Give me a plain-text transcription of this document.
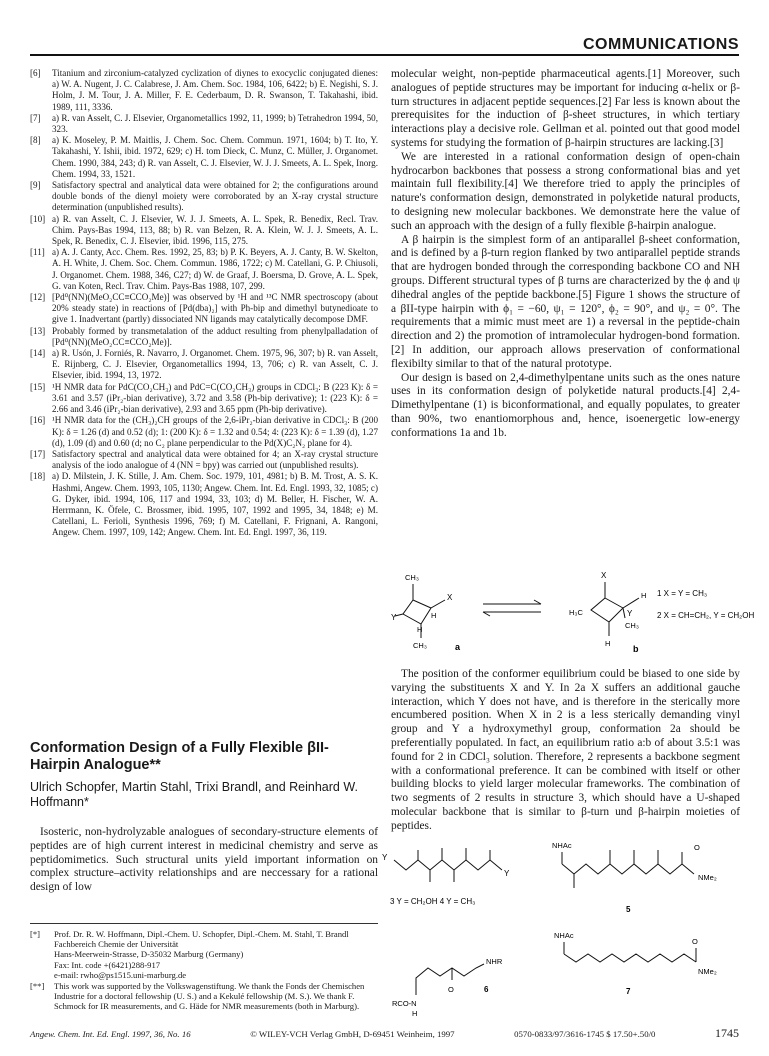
COMMUNICATIONS
[6]	Titanium and zirconium-catalyzed cyclization of diynes to exocyclic conjugated dienes: a) W. A. Nugent, J. C. Calabrese, J. Am. Chem. Soc. 1984, 106, 6422; b) E. Negishi, S. J. Holm, J. M. Tour, J. A. Miller, F. E. Cederbaum, D. R. Swanson, T. Takahashi, ibid. 1989, 111, 3336.
[7]	a) R. van Asselt, C. J. Elsevier, Organometallics 1992, 11, 1999; b) Tetrahedron 1994, 50, 323.
[8]	a) K. Moseley, P. M. Maitlis, J. Chem. Soc. Chem. Commun. 1971, 1604; b) T. Ito, Y. Takahashi, Y. Ishii, ibid. 1972, 629; c) H. tom Dieck, C. Munz, C. Müller, J. Organomet. Chem. 1990, 384, 243; d) R. van Asselt, C. J. Elsevier, W. J. J. Smeets, A. L. Spek, Inorg. Chem. 1994, 33, 1521.
[9]	Satisfactory spectral and analytical data were obtained for 2; the configurations around double bonds of the dienyl moiety were corroborated by an X-ray crystal structure determination (unpublished results).
[10] a) R. van Asselt, C. J. Elsevier, W. J. J. Smeets, A. L. Spek, R. Benedix, Recl. Trav. Chim. Pays-Bas 1994, 113, 88; b) R. van Belzen, R. A. Klein, W. J. J. Smeets, A. L. Spek, R. Benedix, C. J. Elsevier, ibid. 1996, 115, 275.
[11] a) A. J. Canty, Acc. Chem. Res. 1992, 25, 83; b) P. K. Beyers, A. J. Canty, B. W. Skelton, A. H. White, J. Chem. Soc. Chem. Commun. 1986, 1722; c) M. Catellani, G. P. Chiusoli, J. Organomet. Chem. 1988, 346, C27; d) W. de Graaf, J. Boersma, D. Grove, A. L. Spek, G. van Koten, Recl. Trav. Chim. Pays-Bas 1988, 107, 299.
[12] [Pd⁰(NN)(MeO₂CC≡CCO₂Me)] was observed by ¹H and ¹³C NMR spectroscopy (about 20% steady state) in reactions of [Pd(dba)₂] with Ph-bip and dimethyl butynedioate to give 1. Inadvertant (partly) dissociated NN ligands may catalytically decompose DMF.
[13] Probably formed by transmetalation of the adduct resulting from phenylpalladation of [Pd⁰(NN)(MeO₂CC≡CCO₂Me)].
[14] a) R. Usón, J. Forniés, R. Navarro, J. Organomet. Chem. 1975, 96, 307; b) R. van Asselt, E. Rijnberg, C. J. Elsevier, Organometallics 1994, 13, 706; c) R. van Asselt, C. J. Elsevier, ibid. 1994, 13, 1972.
[15] ¹H NMR data for PdC(CO₂CH₃) and PdC=C(CO₂CH₃) groups in CDCl₃: B (223 K): δ = 3.61 and 3.57 (iPr₂-bian derivative), 3.72 and 3.58 (Ph-bip derivative); 1: (223 K): δ = 2.66 and 3.46 (iPr₂-bian derivative), 2.93 and 3.65 ppm (Ph-bip derivative).
[16] ¹H NMR data for the (CH₃)₂CH groups of the 2,6-iPr₂-bian derivative in CDCl₃: B (200 K): δ = 1.26 (d) and 0.52 (d); 1: (200 K): δ = 1.32 and 0.54; 4: (223 K): δ = 1.39 (d), 1.27 (d), 1.09 (d) and 0.60 (d; no C₂ plane perpendicular to the Pd(X)C₂N₂ plane for 4).
[17] Satisfactory spectral and analytical data were obtained for 4; an X-ray crystal structure analysis of the iodo analogue of 4 (NN = bpy) was carried out (unpublished results).
[18] a) D. Milstein, J. K. Stille, J. Am. Chem. Soc. 1979, 101, 4981; b) B. M. Trost, A. S. K. Hashmi, Angew. Chem. 1993, 105, 1130; Angew. Chem. Int. Ed. Engl. 1993, 32, 1085; c) G. Dyker, ibid. 1994, 106, 117 and 1994, 33, 103; d) M. Beller, H. Fischer, W. A. Herrmann, K. Öfele, C. Brossmer, ibid. 1995, 107, 1992 and 1995, 34, 1848; e) M. Catellani, L. Ferioli, Synthesis 1996, 769; f) M. Catellani, F. Frignani, A. Rangoni, Angew. Chem. 1997, 109, 142; Angew. Chem. Int. Ed. Engl. 1997, 36, 119.
Conformation Design of a Fully Flexible βII-Hairpin Analogue**
Ulrich Schopfer, Martin Stahl, Trixi Brandl, and Reinhard W. Hoffmann*

Isosteric, non-hydrolyzable analogues of secondary-structure elements of peptides are of high current interest in medicinal chemistry and serve as peptidomimetics. Such structural units yield important information on complex structure–activity relationships and are neccessary for a rational design of low

[*]	Prof. Dr. R. W. Hoffmann, Dipl.-Chem. U. Schopfer, Dipl.-Chem. M. Stahl, T. Brandl
Fachbereich Chemie der Universität
Hans-Meerwein-Strasse, D-35032 Marburg (Germany)
Fax: Int. code +(6421)288-917
e-mail: rwho@ps1515.uni-marburg.de
[**]	This work was supported by the Volkswagenstiftung. We thank the Fonds der Chemischen Industrie for a doctoral fellowship (U. S.) and a Kekulé fellowship (M. S.). We thank F. Schmock for IR measurements, and G. Häde for NMR measurements (both in Marburg).

molecular weight, non-peptide pharmaceutical agents.[1] Moreover, such analogues of peptide structures may be important for inducing α-helix or β-turn structures in adjacent peptide sequences.[2] Far less is known about the prerequisites for the induction of β-sheet structures, in which tertiary interactions play a decisive role. Gellman et al. pointed out that good model systems for studying the formation of β-hairpin structures are lacking.[3]

We are interested in a rational conformation design of open-chain hydrocarbon backbones that possess a strong conformational bias and yet maintain full flexibility.[4] We therefore tried to apply the principles of nature's conformation design, demonstrated in polyketide natural products, to designing new molecular backbones. We demonstrate here the value of such an approach with the design of a fully flexible β-hairpin analogue.

A β hairpin is the simplest form of an antiparallel β-sheet conformation, and is defined by a β-turn region flanked by two antiparallel peptide strands that are hydrogen bonded through the corresponding backbone CO and NH groups. Different structural types of β turns are characterized by the ϕ and ψ dihedral angles of the peptide backbone.[5] Figure 1 shows the structure of a βII-type hairpin with ϕ₁ = −60, ψ₁ = 120°, ϕ₂ = 90°, and ψ₂ = 0°. The requirements that a mimic must meet are 1) a reversal in the peptide-chain direction and 2) the promotion of intramolecular hydrogen-bond formation.[2] In addition, our approach allows preservation of conformational flexibilty similar to that of the natural prototype.

Our design is based on 2,4-dimethylpentane units such as the ones nature uses in its conformation design of polyketide natural products.[4] 2,4-Dimethylpentane (1) is biconformational, and equally populates, to greater than 90%, two enantiomorphous and, hence, isoenergetic low-energy conformations 1a and 1b.

CH₃
X
Y	H
H
CH₃	a
X
H
H₃C	Y
CH₃
H
b
1 X = Y = CH₃
2 X = CH=CH₂, Y = CH₂OH

The position of the conformer equilibrium could be biased to one side by varying the substituents X and Y. In 2a X suffers an additional gauche interaction, which Y does not have, and is therefore in the sterically more encumbered position. When X in 2 is a less sterically demanding vinyl group and Y a hydroxymethyl group, conformation 2a should be preferentially populated. In fact, an equilibrium ratio a:b of about 3.5:1 was found for 2 in CDCl₃ solution. Therefore, 2 represents a backbone segment with a conformational preference. It can be combined with itself or other building blocks to yield larger molecular frameworks. The combination of two segments of 2 results in structure 3, which should have a U-shaped molecular backbone that is similar to β-turn und β-hairpin moieties of peptides.

Y
Y
3 Y = CH₂OH 4 Y = CH₃
NHAc	O
NMe₂
5
NHR
O
RCO-N
H
6
NHAc
O
NMe₂
7
Angew. Chem. Int. Ed. Engl. 1997, 36, No. 16	© WILEY-VCH Verlag GmbH, D-69451 Weinheim, 1997	0570-0833/97/3616-1745 $ 17.50+.50/0	1745
